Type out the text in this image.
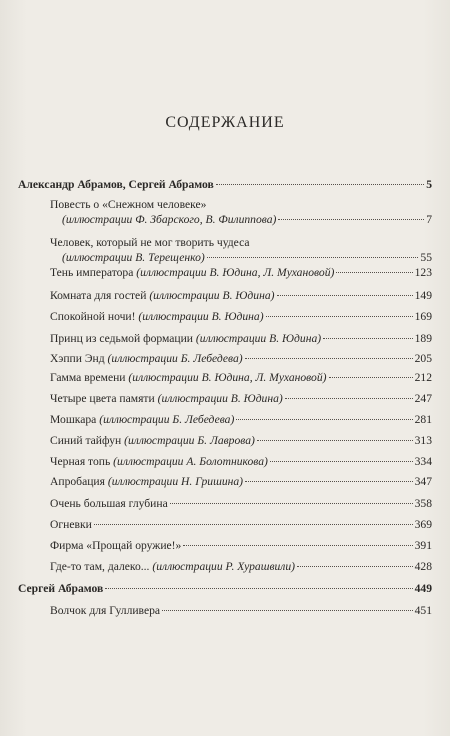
СОДЕРЖАНИЕ
Александр Абрамов, Сергей Абрамов	5
Повесть о «Снежном человеке»
(иллюстрации Ф. Збарского, В. Филиппова)	7
Человек, который не мог творить чудеса
(иллюстрации В. Терещенко)	55
Тень императора (иллюстрации В. Юдина, Л. Мухановой)	123
Комната для гостей (иллюстрации В. Юдина)	149
Спокойной ночи! (иллюстрации В. Юдина)	169
Принц из седьмой формации (иллюстрации В. Юдина)	189
Хэппи Энд (иллюстрации Б. Лебедева)	205
Гамма времени (иллюстрации В. Юдина, Л. Мухановой)	212
Четыре цвета памяти (иллюстрации В. Юдина)	247
Мошкара (иллюстрации Б. Лебедева)	281
Синий тайфун (иллюстрации Б. Лаврова)	313
Черная топь (иллюстрации А. Болотникова)	334
Апробация (иллюстрации Н. Гришина)	347
Очень большая глубина	358
Огневки	369
Фирма «Прощай оружие!»	391
Где-то там, далеко... (иллюстрации Р. Хурашвили)	428
Сергей Абрамов	449
Волчок для Гулливера	451
